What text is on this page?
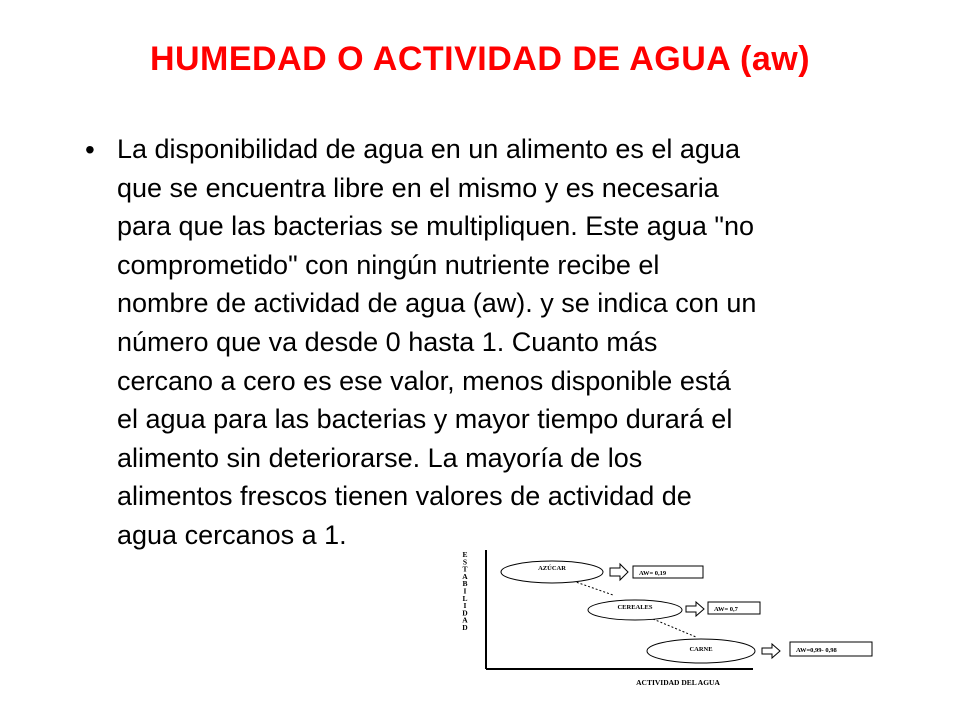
HUMEDAD O ACTIVIDAD DE AGUA (aw)
• La disponibilidad de agua en un alimento es el agua
que se encuentra libre en el mismo y es necesaria
para que las bacterias se multipliquen. Este agua "no
comprometido" con ningún nutriente recibe el
nombre de actividad de agua (aw). y se indica con un
número que va desde 0 hasta 1. Cuanto más
cercano a cero es ese valor, menos disponible está
el agua para las bacterias y mayor tiempo durará el
alimento sin deteriorarse. La mayoría de los
alimentos frescos tienen valores de actividad de
agua cercanos a 1.

E S T A B I L I D A D
ACTIVIDAD DEL AGUA
AZÚCAR
AW= 0,19
CEREALES	AW= 0,7
CARNE	AW=0,99- 0,98
